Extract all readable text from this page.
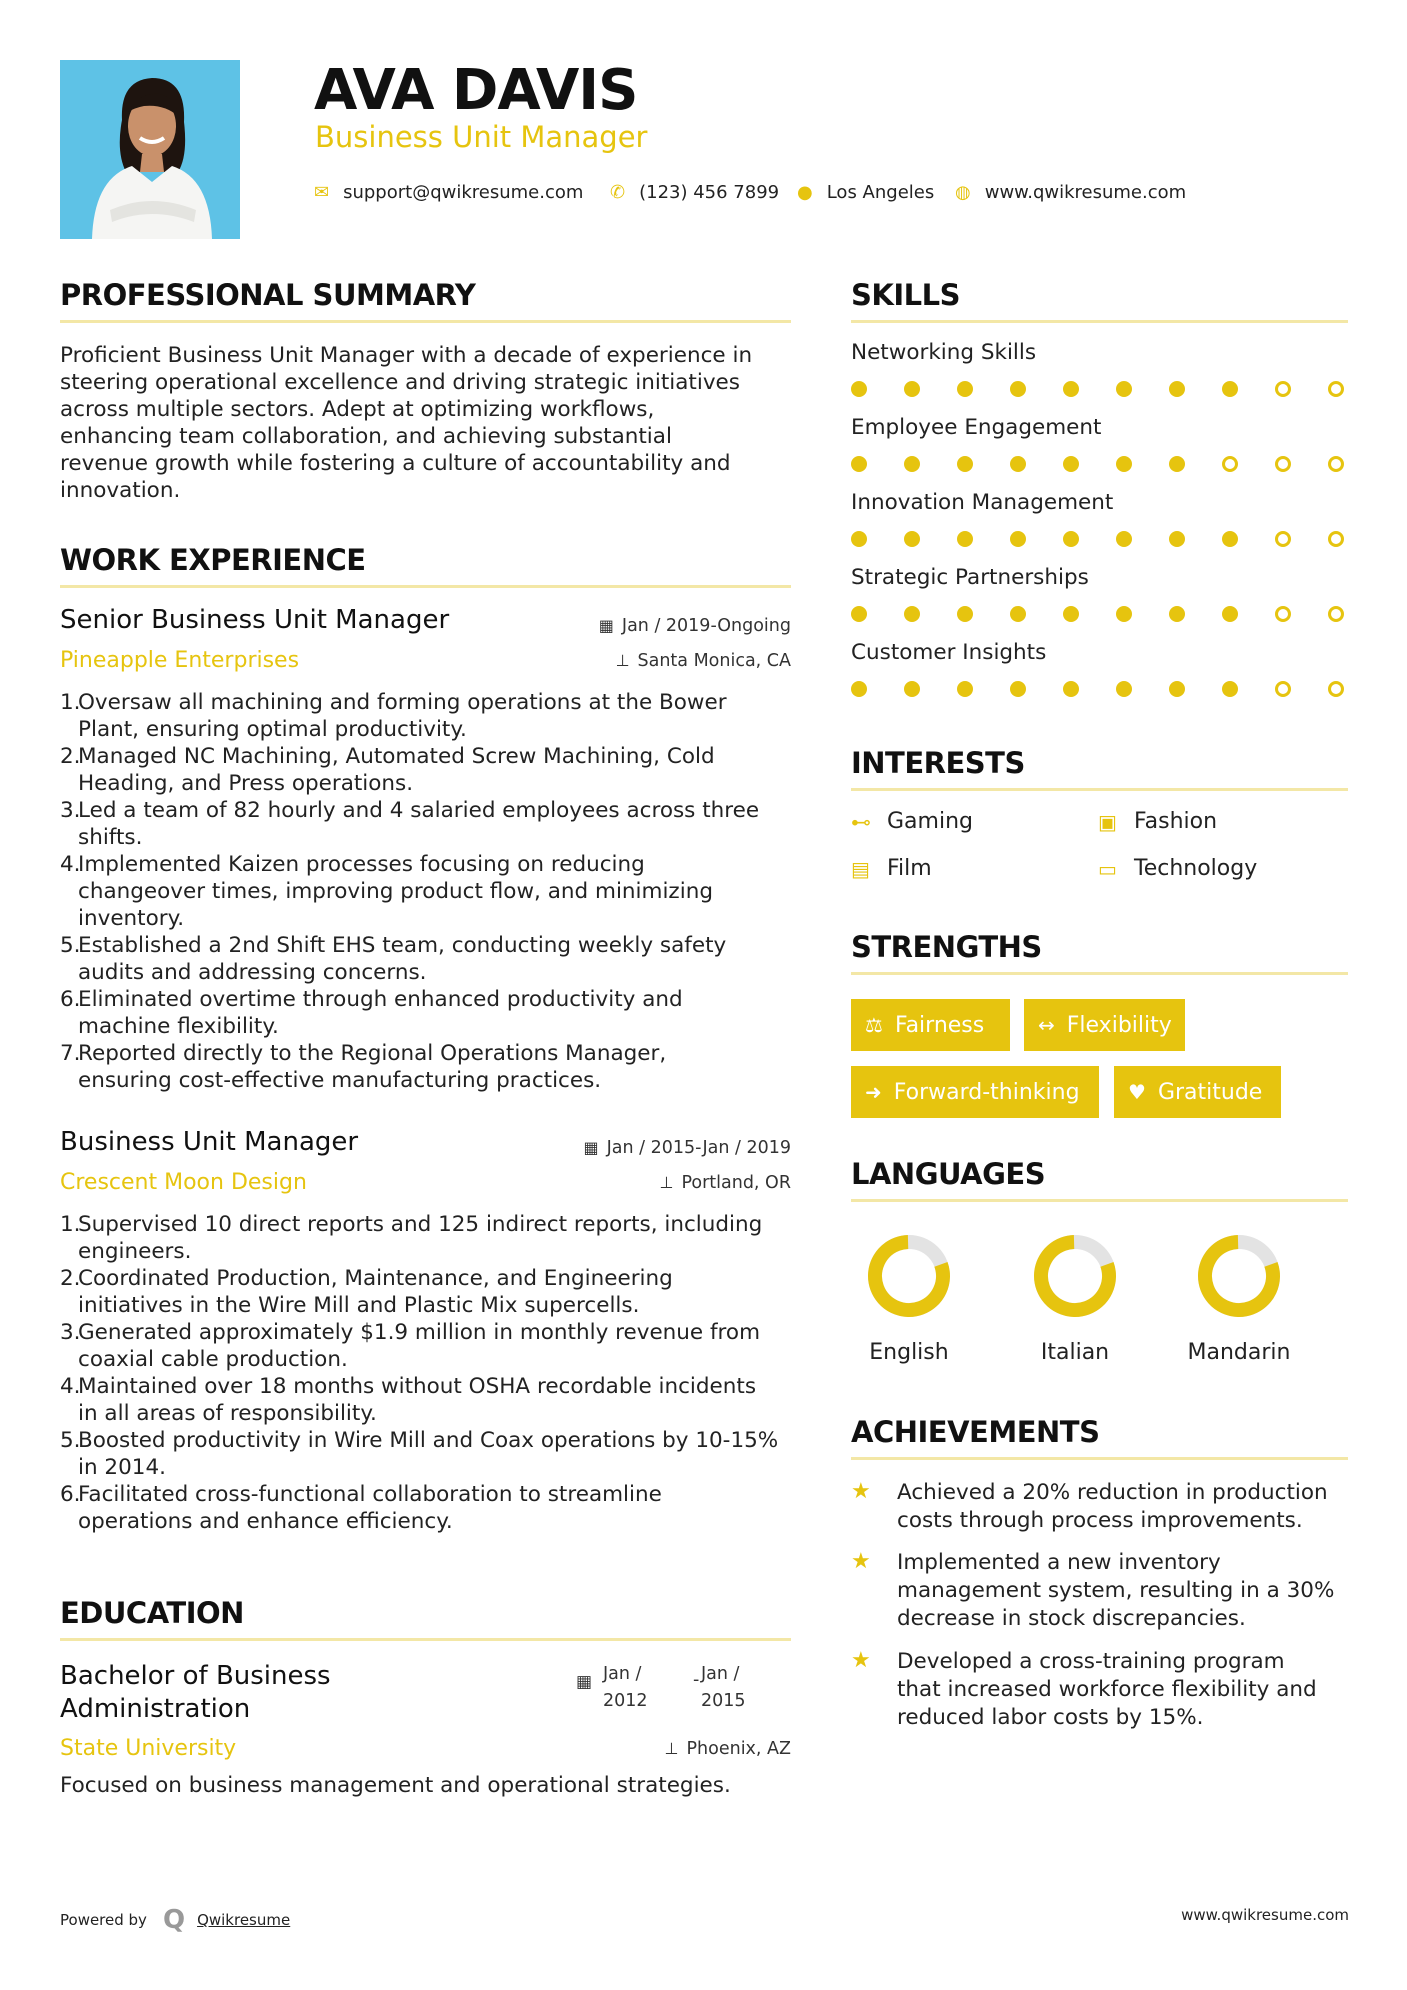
AVA DAVIS
Business Unit Manager
✉ support@qwikresume.com ✆ (123) 456 7899 ● Los Angeles ◍ www.qwikresume.com
PROFESSIONAL SUMMARY
Proficient Business Unit Manager with a decade of experience in
steering operational excellence and driving strategic initiatives
across multiple sectors. Adept at optimizing workflows,
enhancing team collaboration, and achieving substantial
revenue growth while fostering a culture of accountability and
innovation.
WORK EXPERIENCE
Senior Business Unit Manager	▦ Jan / 2019-Ongoing
Pineapple Enterprises	⊥ Santa Monica, CA
1.
Oversaw all machining and forming operations at the Bower
Plant, ensuring optimal productivity.
2.
Managed NC Machining, Automated Screw Machining, Cold
Heading, and Press operations.
3.
Led a team of 82 hourly and 4 salaried employees across three
shifts.
4.
Implemented Kaizen processes focusing on reducing
changeover times, improving product flow, and minimizing
inventory.
5.
Established a 2nd Shift EHS team, conducting weekly safety
audits and addressing concerns.
6.
Eliminated overtime through enhanced productivity and
machine flexibility.
7.
Reported directly to the Regional Operations Manager,
ensuring cost-effective manufacturing practices.
Business Unit Manager	▦ Jan / 2015-Jan / 2019
Crescent Moon Design	⊥ Portland, OR
1.
Supervised 10 direct reports and 125 indirect reports, including
engineers.
2.
Coordinated Production, Maintenance, and Engineering
initiatives in the Wire Mill and Plastic Mix supercells.
3.
Generated approximately $1.9 million in monthly revenue from
coaxial cable production.
4.
Maintained over 18 months without OSHA recordable incidents
in all areas of responsibility.
5.
Boosted productivity in Wire Mill and Coax operations by 10-15%
in 2014.
6.
Facilitated cross-functional collaboration to streamline
operations and enhance efficiency.
EDUCATION
Bachelor of Business
Administration
▦ Jan /
2012
- Jan /
2015
State University	⊥ Phoenix, AZ
Focused on business management and operational strategies.
SKILLS
Networking Skills
Employee Engagement
Innovation Management
Strategic Partnerships
Customer Insights
INTERESTS
⊷ Gaming	▣ Fashion
▤ Film	▭ Technology
STRENGTHS
⚖ Fairness	↔ Flexibility
➜ Forward-thinking ♥ Gratitude
LANGUAGES
English	Italian	Mandarin
ACHIEVEMENTS
★	Achieved a 20% reduction in production
costs through process improvements.
★	Implemented a new inventory
management system, resulting in a 30%
decrease in stock discrepancies.
★	Developed a cross-training program
that increased workforce flexibility and
reduced labor costs by 15%.
Powered by Q Qwikresume	www.qwikresume.com
